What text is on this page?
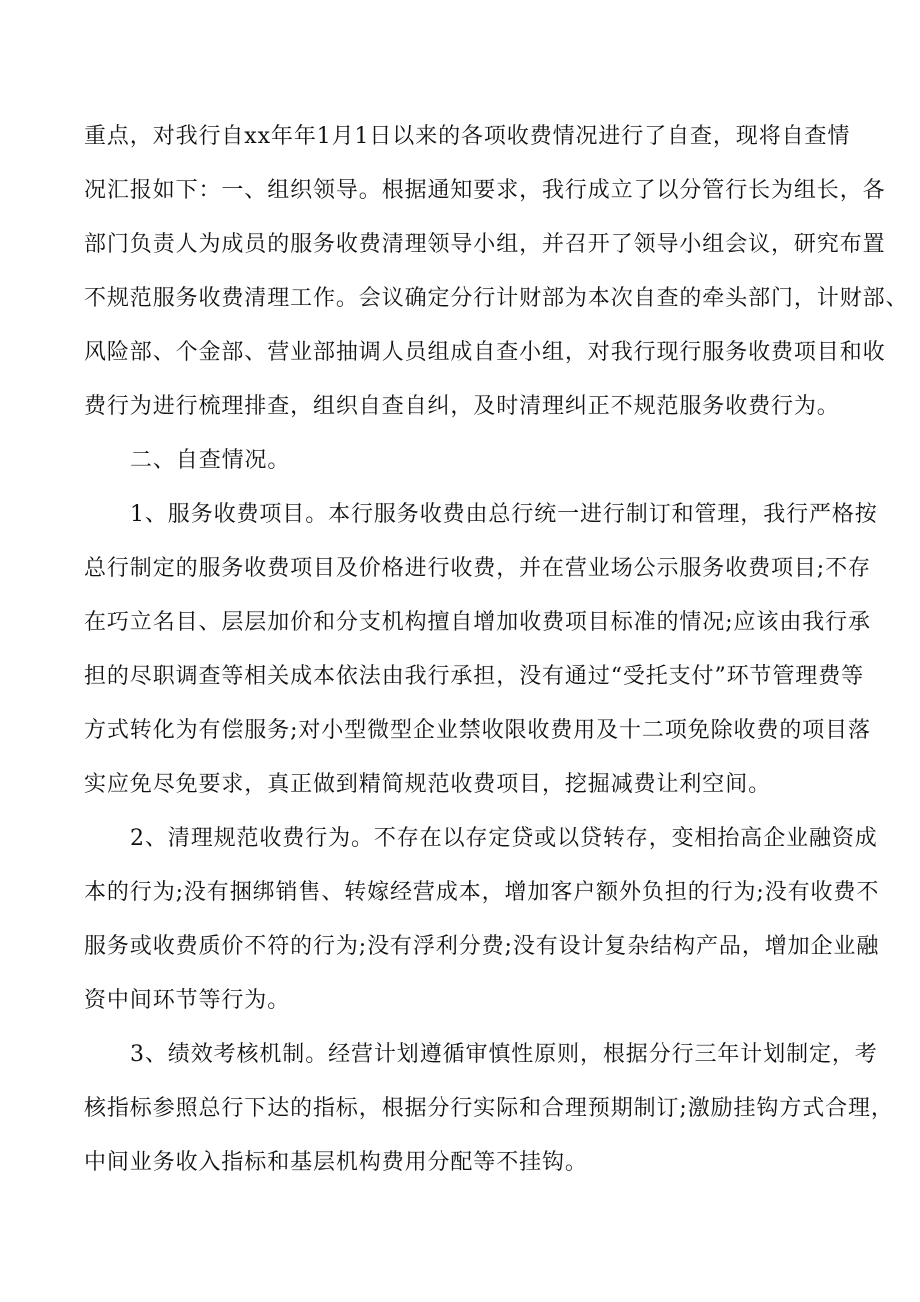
重点，对我行自xx年年1月1日以来的各项收费情况进行了自查，现将自查情
况汇报如下：一、组织领导。根据通知要求，我行成立了以分管行长为组长，各
部门负责人为成员的服务收费清理领导小组，并召开了领导小组会议，研究布置
不规范服务收费清理工作。会议确定分行计财部为本次自查的牵头部门，计财部、
风险部、个金部、营业部抽调人员组成自查小组，对我行现行服务收费项目和收
费行为进行梳理排查，组织自查自纠，及时清理纠正不规范服务收费行为。
二、自查情况。
1、服务收费项目。本行服务收费由总行统一进行制订和管理，我行严格按
总行制定的服务收费项目及价格进行收费，并在营业场公示服务收费项目;不存
在巧立名目、层层加价和分支机构擅自增加收费项目标准的情况;应该由我行承
担的尽职调查等相关成本依法由我行承担，没有通过“受托支付”环节管理费等
方式转化为有偿服务;对小型微型企业禁收限收费用及十二项免除收费的项目落
实应免尽免要求，真正做到精简规范收费项目，挖掘减费让利空间。
2、清理规范收费行为。不存在以存定贷或以贷转存，变相抬高企业融资成
本的行为;没有捆绑销售、转嫁经营成本，增加客户额外负担的行为;没有收费不
服务或收费质价不符的行为;没有浮利分费;没有设计复杂结构产品，增加企业融
资中间环节等行为。
3、绩效考核机制。经营计划遵循审慎性原则，根据分行三年计划制定，考
核指标参照总行下达的指标，根据分行实际和合理预期制订;激励挂钩方式合理，
中间业务收入指标和基层机构费用分配等不挂钩。
